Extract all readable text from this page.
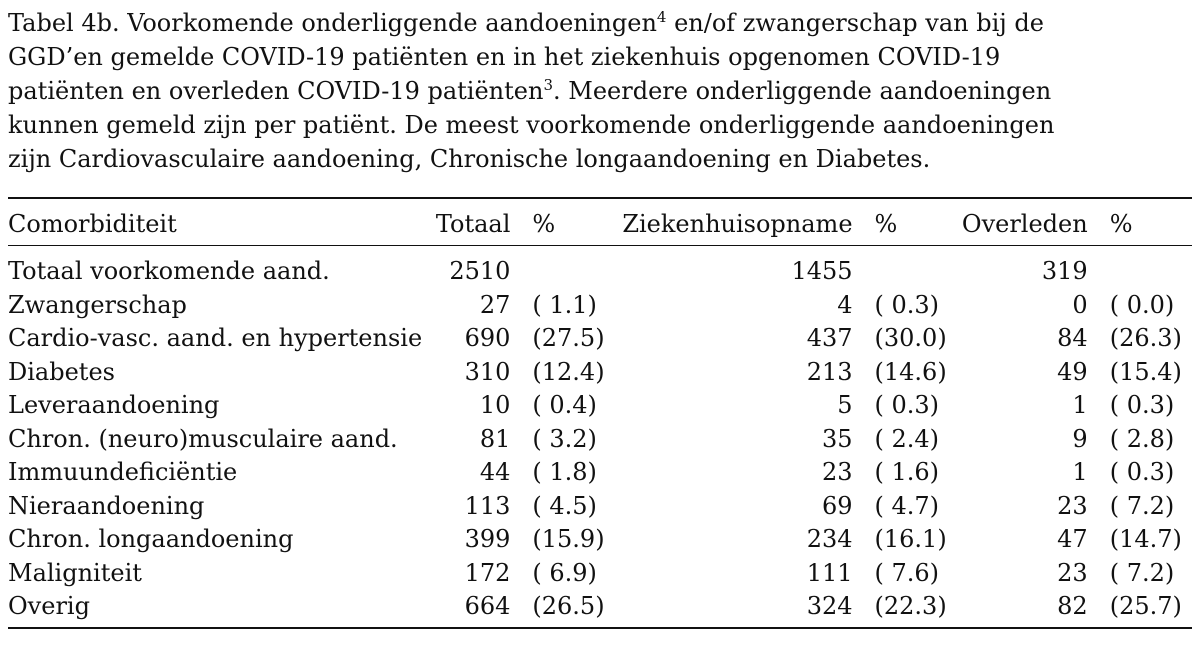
Tabel 4b. Voorkomende onderliggende aandoeningen$^4$ en/of zwangerschap van bij de GGD’en gemelde COVID-19 patiënten en in het ziekenhuis opgenomen COVID-19 patiënten en overleden COVID-19 patiënten$^3$. Meerdere onderliggende aandoeningen kunnen gemeld zijn per patiënt. De meest voorkomende onderliggende aandoeningen zijn Cardiovasculaire aandoening, Chronische longaandoening en Diabetes.

Comorbiditeit	Totaal	%	Ziekenhuisopname	%	Overleden	%

Totaal voorkomende aand.	2510		1455		319	
Zwangerschap	27	( 1.1)	4	( 0.3)	0	( 0.0)
Cardio-vasc. aand. en hypertensie	690	(27.5)	437	(30.0)	84	(26.3)
Diabetes	310	(12.4)	213	(14.6)	49	(15.4)
Leveraandoening	10	( 0.4)	5	( 0.3)	1	( 0.3)
Chron. (neuro)musculaire aand.	81	( 3.2)	35	( 2.4)	9	( 2.8)
Immuundeficiëntie	44	( 1.8)	23	( 1.6)	1	( 0.3)
Nieraandoening	113	( 4.5)	69	( 4.7)	23	( 7.2)
Chron. longaandoening	399	(15.9)	234	(16.1)	47	(14.7)
Maligniteit	172	( 6.9)	111	( 7.6)	23	( 7.2)
Overig	664	(26.5)	324	(22.3)	82	(25.7)
